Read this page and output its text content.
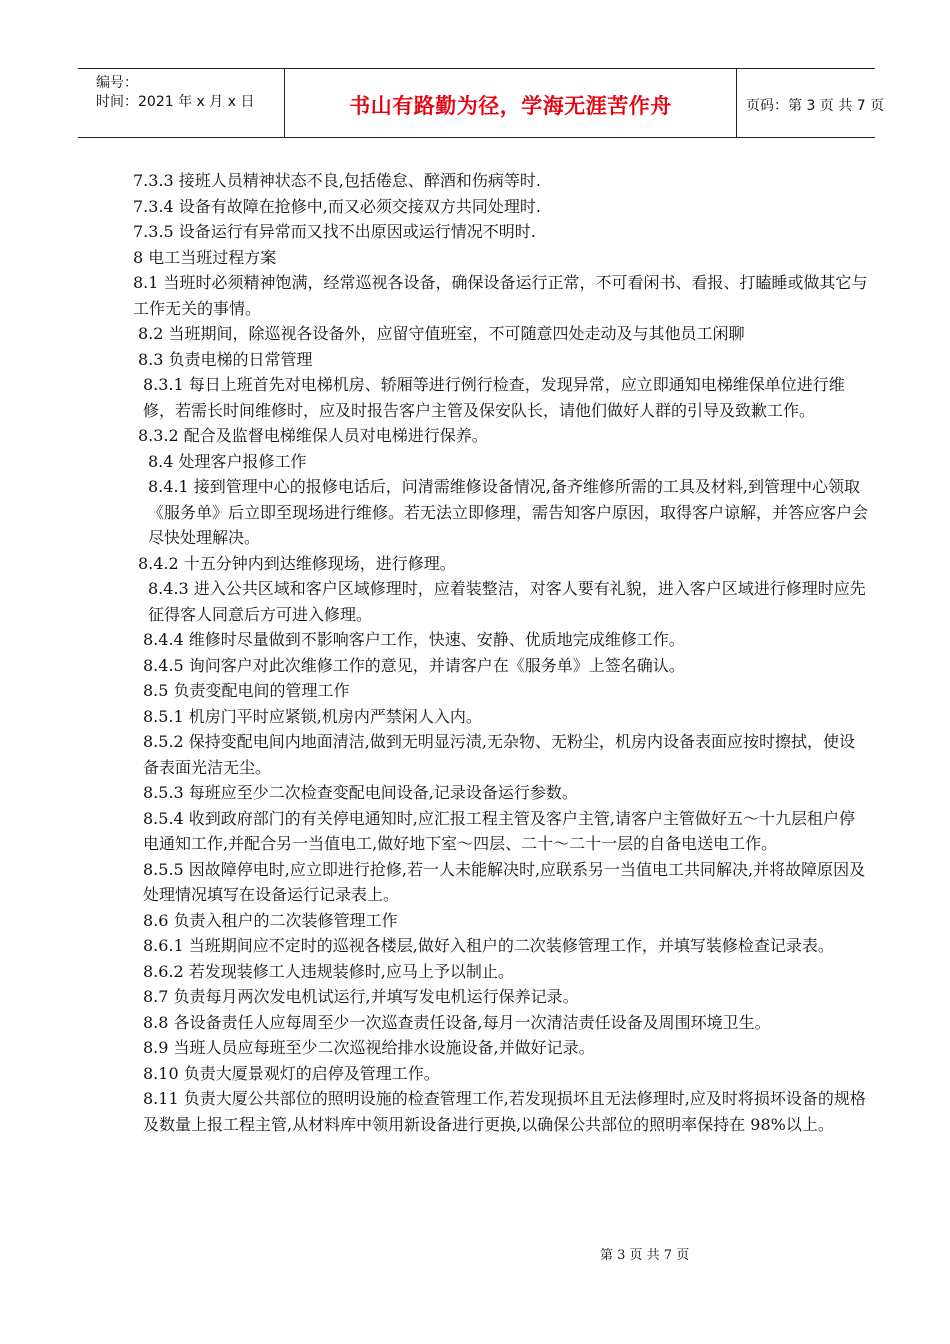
编号：
时间：2021 年 x 月 x 日	书山有路勤为径，学海无涯苦作舟	页码：第 3 页 共 7 页

7.3.3 接班人员精神状态不良,包括倦怠、醉酒和伤病等时.

7.3.4 设备有故障在抢修中,而又必须交接双方共同处理时.

7.3.5 设备运行有异常而又找不出原因或运行情况不明时.

8 电工当班过程方案

8.1 当班时必须精神饱满，经常巡视各设备，确保设备运行正常，不可看闲书、看报、打瞌睡或做其它与工作无关的事情。

8.2 当班期间，除巡视各设备外，应留守值班室，不可随意四处走动及与其他员工闲聊

8.3 负责电梯的日常管理

8.3.1 每日上班首先对电梯机房、轿厢等进行例行检查，发现异常，应立即通知电梯维保单位进行维修，若需长时间维修时，应及时报告客户主管及保安队长，请他们做好人群的引导及致歉工作。

8.3.2 配合及监督电梯维保人员对电梯进行保养。

8.4 处理客户报修工作

8.4.1 接到管理中心的报修电话后，问清需维修设备情况,备齐维修所需的工具及材料,到管理中心领取《服务单》后立即至现场进行维修。若无法立即修理，需告知客户原因，取得客户谅解，并答应客户会尽快处理解决。

8.4.2 十五分钟内到达维修现场，进行修理。

8.4.3 进入公共区域和客户区域修理时，应着装整洁，对客人要有礼貌，进入客户区域进行修理时应先征得客人同意后方可进入修理。

8.4.4 维修时尽量做到不影响客户工作，快速、安静、优质地完成维修工作。

8.4.5 询问客户对此次维修工作的意见，并请客户在《服务单》上签名确认。

8.5 负责变配电间的管理工作

8.5.1 机房门平时应紧锁,机房内严禁闲人入内。

8.5.2 保持变配电间内地面清洁,做到无明显污渍,无杂物、无粉尘，机房内设备表面应按时擦拭，使设备表面光洁无尘。

8.5.3 每班应至少二次检查变配电间设备,记录设备运行参数。

8.5.4 收到政府部门的有关停电通知时,应汇报工程主管及客户主管,请客户主管做好五～十九层租户停电通知工作,并配合另一当值电工,做好地下室～四层、二十～二十一层的自备电送电工作。

8.5.5 因故障停电时,应立即进行抢修,若一人未能解决时,应联系另一当值电工共同解决,并将故障原因及处理情况填写在设备运行记录表上。

8.6 负责入租户的二次装修管理工作

8.6.1 当班期间应不定时的巡视各楼层,做好入租户的二次装修管理工作，并填写装修检查记录表。

8.6.2 若发现装修工人违规装修时,应马上予以制止。

8.7 负责每月两次发电机试运行,并填写发电机运行保养记录。

8.8 各设备责任人应每周至少一次巡查责任设备,每月一次清洁责任设备及周围环境卫生。

8.9 当班人员应每班至少二次巡视给排水设施设备,并做好记录。

8.10 负责大厦景观灯的启停及管理工作。

8.11 负责大厦公共部位的照明设施的检查管理工作,若发现损坏且无法修理时,应及时将损坏设备的规格及数量上报工程主管,从材料库中领用新设备进行更换,以确保公共部位的照明率保持在 98%以上。

第 3 页 共 7 页
